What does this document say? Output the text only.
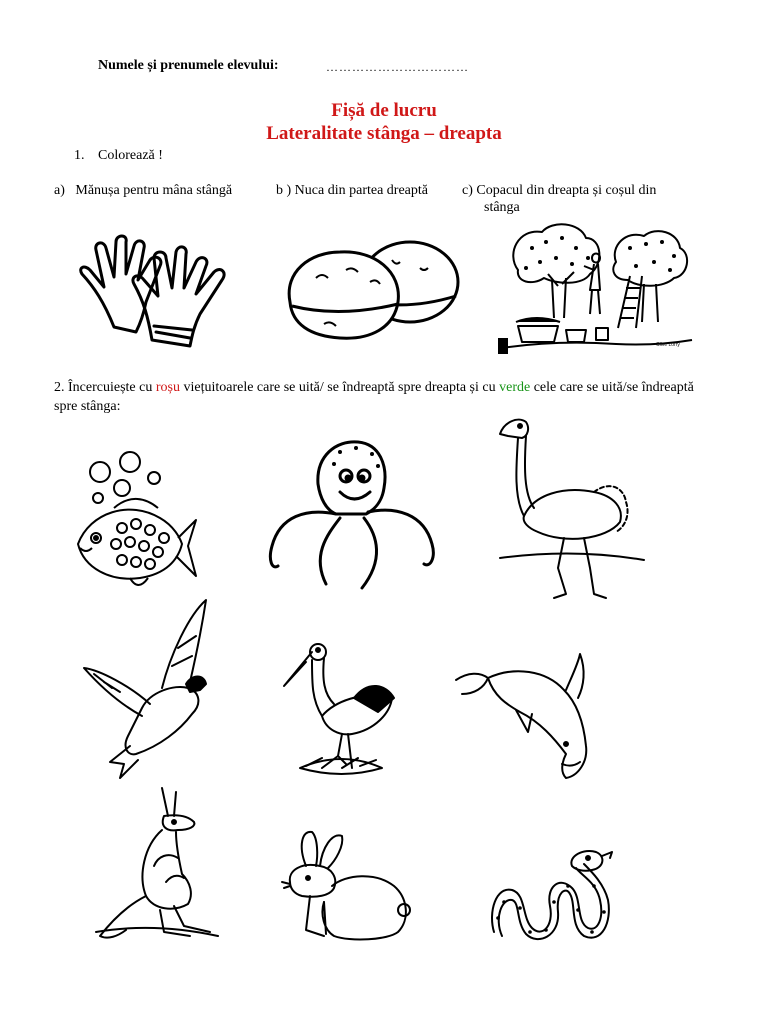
Numele și prenumele elevului:	……………………………
Fișă de lucru
Lateralitate stânga – dreapta
1. Colorează !
a) Mănușa pentru mâna stângă	b ) Nuca din partea dreaptă c) Copacul din dreapta și coșul din
stânga
Clive Lorry
2. Încercuiește cu roșu viețuitoarele care se uită/ se îndreaptă spre dreapta și cu verde cele care se uită/se îndreaptă spre stânga:
